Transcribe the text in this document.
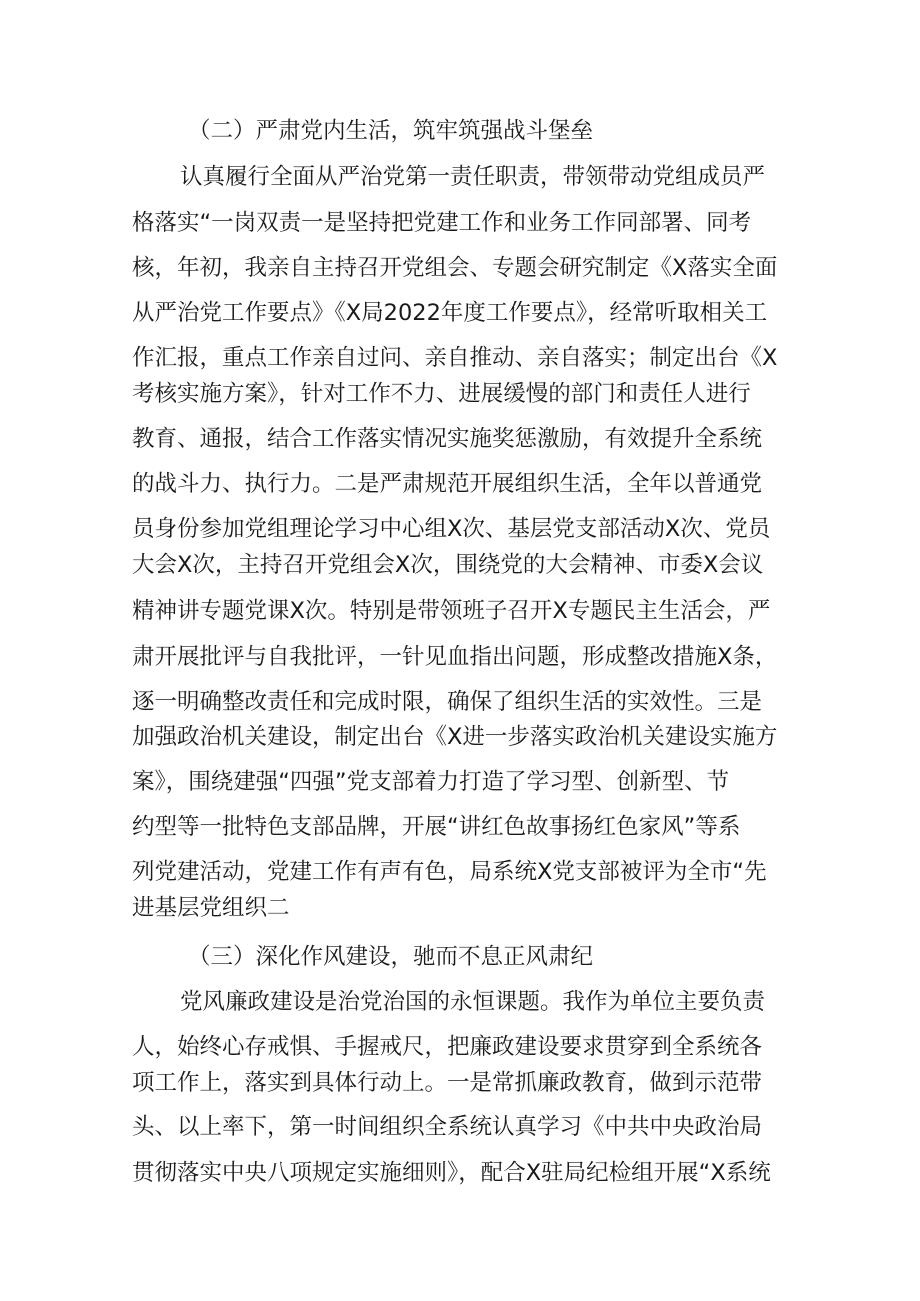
（二）严肃党内生活，筑牢筑强战斗堡垒
认真履行全面从严治党第一责任职责，带领带动党组成员严
格落实“一岗双责一是坚持把党建工作和业务工作同部署、同考
核，年初，我亲自主持召开党组会、专题会研究制定《X落实全面
从严治党工作要点》《X局2022年度工作要点》，经常听取相关工
作汇报，重点工作亲自过问、亲自推动、亲自落实；制定出台《X
考核实施方案》，针对工作不力、进展缓慢的部门和责任人进行
教育、通报，结合工作落实情况实施奖惩激励，有效提升全系统
的战斗力、执行力。二是严肃规范开展组织生活，全年以普通党
员身份参加党组理论学习中心组X次、基层党支部活动X次、党员
大会X次，主持召开党组会X次，围绕党的大会精神、市委X会议
精神讲专题党课X次。特别是带领班子召开X专题民主生活会，严
肃开展批评与自我批评，一针见血指出问题，形成整改措施X条，
逐一明确整改责任和完成时限，确保了组织生活的实效性。三是
加强政治机关建设，制定出台《X进一步落实政治机关建设实施方
案》，围绕建强“四强”党支部着力打造了学习型、创新型、节
约型等一批特色支部品牌，开展“讲红色故事扬红色家风”等系
列党建活动，党建工作有声有色，局系统X党支部被评为全市“先
进基层党组织二
（三）深化作风建设，驰而不息正风肃纪
党风廉政建设是治党治国的永恒课题。我作为单位主要负责
人，始终心存戒惧、手握戒尺，把廉政建设要求贯穿到全系统各
项工作上，落实到具体行动上。一是常抓廉政教育，做到示范带
头、以上率下，第一时间组织全系统认真学习《中共中央政治局
贯彻落实中央八项规定实施细则》，配合X驻局纪检组开展“X系统
